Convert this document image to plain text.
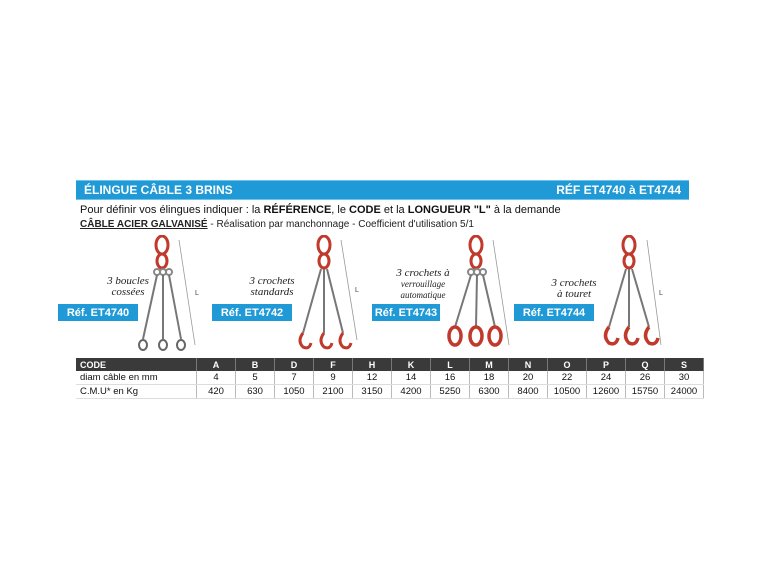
ÉLINGUE CÂBLE 3 BRINS	RÉF ET4740 à ET4744
Pour définir vos élingues indiquer : la RÉFÉRENCE, le CODE et la LONGUEUR "L" à la demande
CÂBLE ACIER GALVANISÉ - Réalisation par manchonnage - Coefficient d'utilisation 5/1
3 boucles
cossées
Réf. ET4740
L
3 crochets
standards
Réf. ET4742
L
3 crochets à
verrouillage
automatique
Réf. ET4743
3 crochets
à touret
Réf. ET4744
L
CODE	A	B	D	F	H	K	L	M	N	O	P	Q	S
diam câble en mm	4	5	7	9	12	14	16	18	20	22	24	26	30
C.M.U* en Kg	420	630	1050	2100	3150	4200	5250	6300	8400	10500	12600	15750	24000
